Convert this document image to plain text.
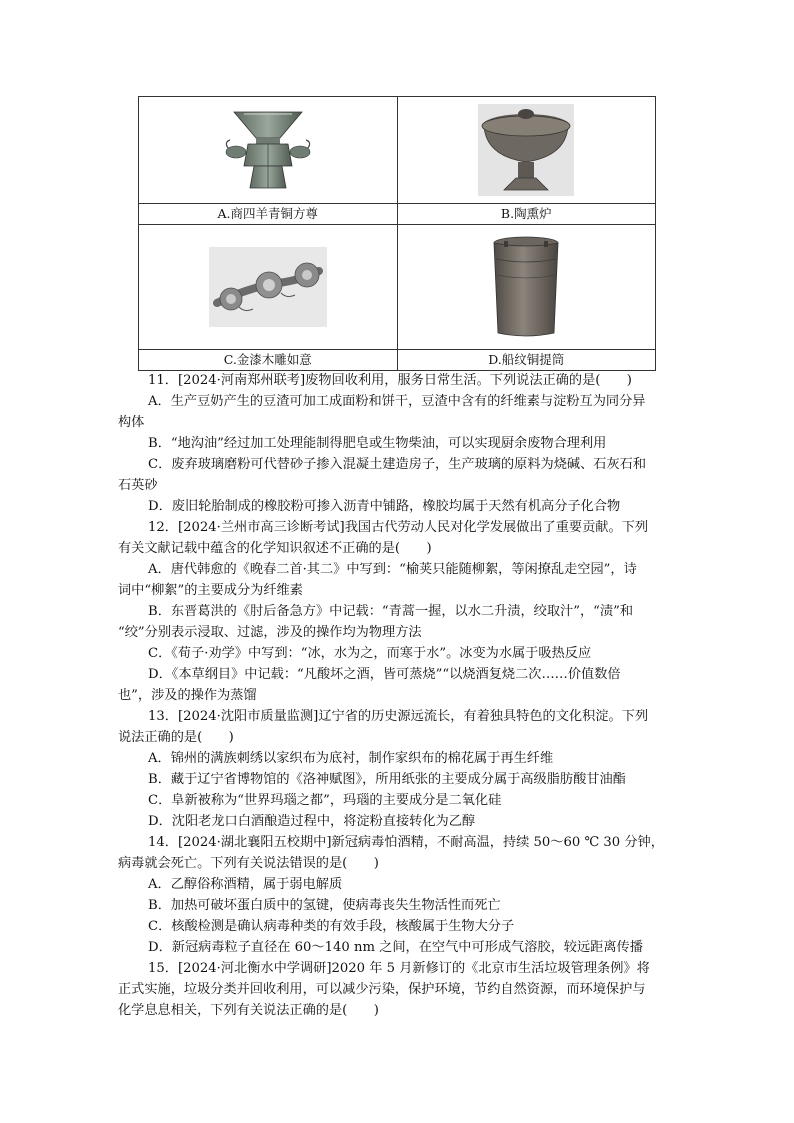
A.商四羊青铜方尊	B.陶熏炉

C.金漆木雕如意	D.船纹铜提筒

11．[2024·河南郑州联考]废物回收利用，服务日常生活。下列说法正确的是(　　)

A．生产豆奶产生的豆渣可加工成面粉和饼干，豆渣中含有的纤维素与淀粉互为同分异

构体

B．“地沟油”经过加工处理能制得肥皂或生物柴油，可以实现厨余废物合理利用

C．废弃玻璃磨粉可代替砂子掺入混凝土建造房子，生产玻璃的原料为烧碱、石灰石和

石英砂

D．废旧轮胎制成的橡胶粉可掺入沥青中铺路，橡胶均属于天然有机高分子化合物

12．[2024·兰州市高三诊断考试]我国古代劳动人民对化学发展做出了重要贡献。下列

有关文献记载中蕴含的化学知识叙述不正确的是(　　)

A．唐代韩愈的《晚春二首·其二》中写到：“榆荚只能随柳絮，等闲撩乱走空园”，诗

词中“柳絮”的主要成分为纤维素

B．东晋葛洪的《肘后备急方》中记载：“青蒿一握，以水二升渍，绞取汁”，“渍”和

“绞”分别表示浸取、过滤，涉及的操作均为物理方法

C．《荀子·劝学》中写到：“冰，水为之，而寒于水”。冰变为水属于吸热反应

D．《本草纲目》中记载：“凡酸坏之酒，皆可蒸烧”“以烧酒复烧二次……价值数倍

也”，涉及的操作为蒸馏

13．[2024·沈阳市质量监测]辽宁省的历史源远流长，有着独具特色的文化积淀。下列

说法正确的是(　　)

A．锦州的满族刺绣以家织布为底衬，制作家织布的棉花属于再生纤维

B．藏于辽宁省博物馆的《洛神赋图》，所用纸张的主要成分属于高级脂肪酸甘油酯

C．阜新被称为“世界玛瑙之都”，玛瑙的主要成分是二氧化硅

D．沈阳老龙口白酒酿造过程中，将淀粉直接转化为乙醇

14．[2024·湖北襄阳五校期中]新冠病毒怕酒精，不耐高温，持续 50～60 ℃ 30 分钟，

病毒就会死亡。下列有关说法错误的是(　　)

A．乙醇俗称酒精，属于弱电解质

B．加热可破坏蛋白质中的氢键，使病毒丧失生物活性而死亡

C．核酸检测是确认病毒种类的有效手段，核酸属于生物大分子

D．新冠病毒粒子直径在 60～140 nm 之间，在空气中可形成气溶胶，较远距离传播

15．[2024·河北衡水中学调研]2020 年 5 月新修订的《北京市生活垃圾管理条例》将

正式实施，垃圾分类并回收利用，可以减少污染，保护环境，节约自然资源，而环境保护与

化学息息相关，下列有关说法正确的是(　　)
